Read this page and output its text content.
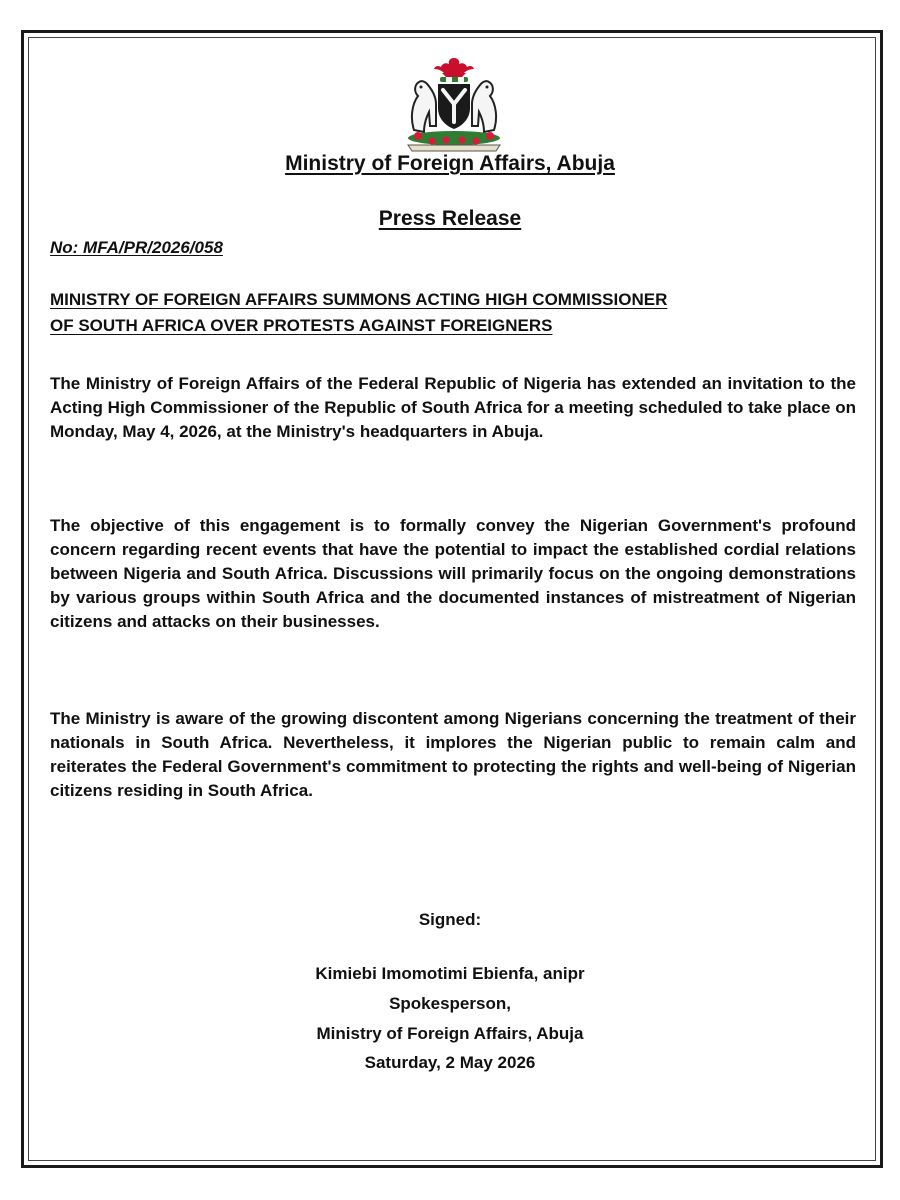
Ministry of Foreign Affairs, Abuja
Press Release
No: MFA/PR/2026/058
MINISTRY OF FOREIGN AFFAIRS SUMMONS ACTING HIGH COMMISSIONER
OF SOUTH AFRICA OVER PROTESTS AGAINST FOREIGNERS

The Ministry of Foreign Affairs of the Federal Republic of Nigeria has extended an invitation to the Acting High Commissioner of the Republic of South Africa for a meeting scheduled to take place on Monday, May 4, 2026, at the Ministry's headquarters in Abuja.

The objective of this engagement is to formally convey the Nigerian Government's profound concern regarding recent events that have the potential to impact the established cordial relations between Nigeria and South Africa. Discussions will primarily focus on the ongoing demonstrations by various groups within South Africa and the documented instances of mistreatment of Nigerian citizens and attacks on their businesses.

The Ministry is aware of the growing discontent among Nigerians concerning the treatment of their nationals in South Africa. Nevertheless, it implores the Nigerian public to remain calm and reiterates the Federal Government's commitment to protecting the rights and well-being of Nigerian citizens residing in South Africa.

Signed:
Kimiebi Imomotimi Ebienfa, anipr
Spokesperson,
Ministry of Foreign Affairs, Abuja
Saturday, 2 May 2026
